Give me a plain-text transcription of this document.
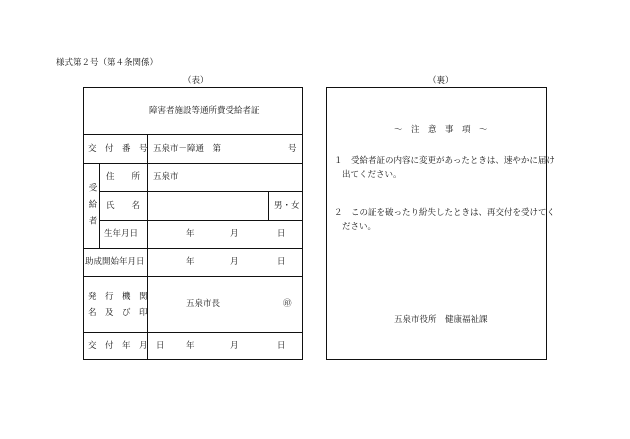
様式第２号（第４条関係）
（表）
障害者施設等通所費受給者証
交　付　番　号 五泉市－障通　第	号
受給者
住　　所 五泉市
氏　　名	男・女
生年月日	年	月	日
助成開始年月日	年	月	日
発　行　機　関
名　及　び　印
五泉市長	㊞
交　付　年　月　日	年	月	日
（裏）
～　注　意　事　項　～
１　受給者証の内容に変更があったときは、速やかに届け
出てください。
２　この証を破ったり紛失したときは、再交付を受けてく
ださい。
五泉市役所　健康福祉課
